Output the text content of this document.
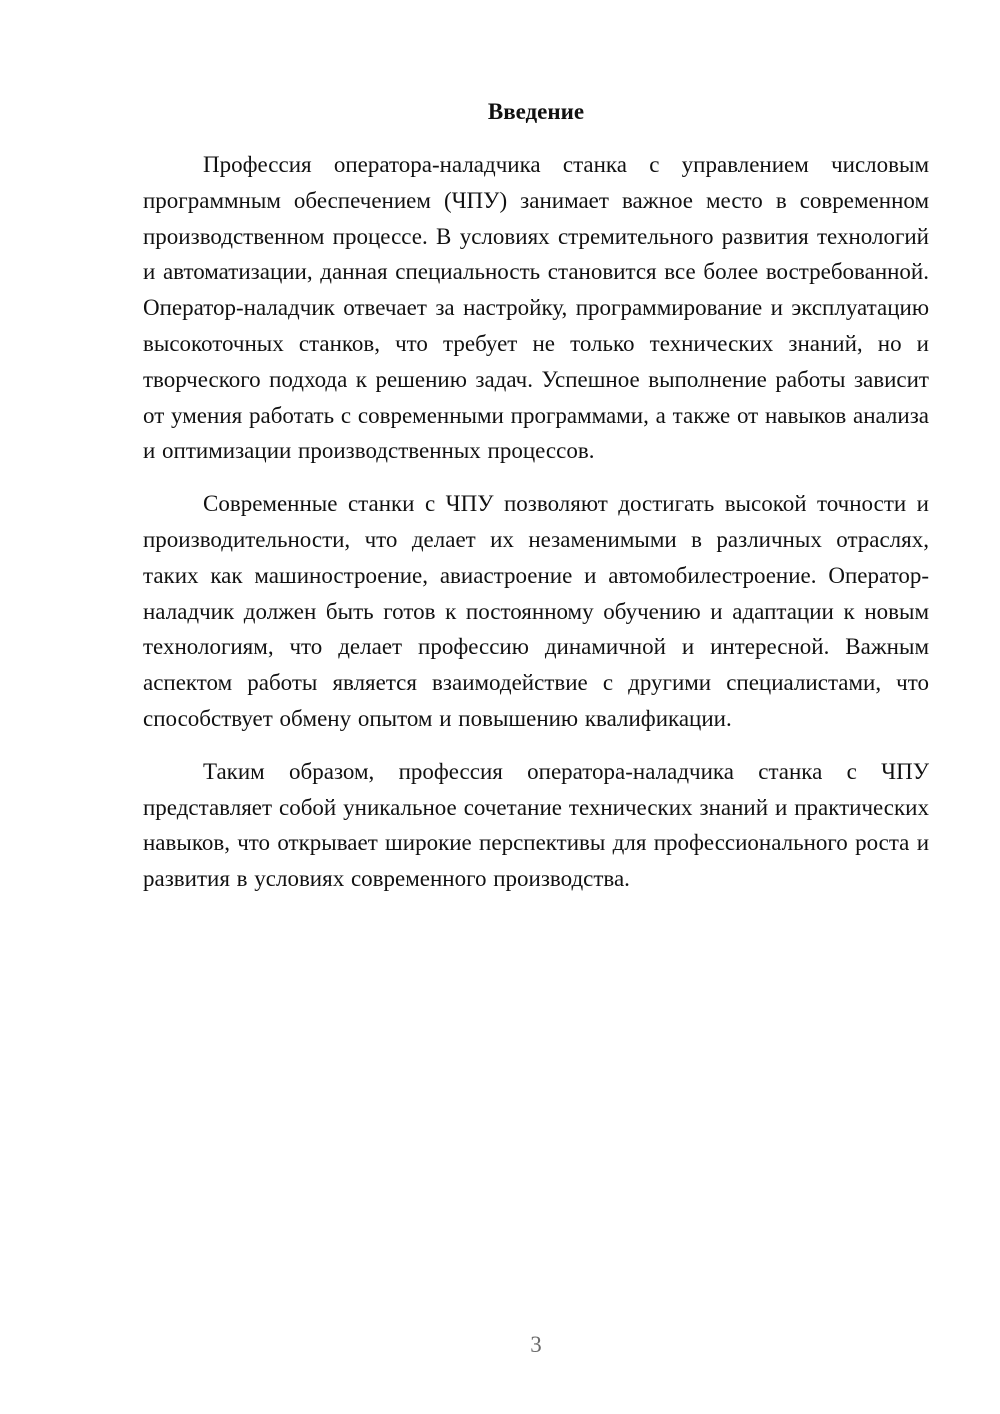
Введение

Профессия оператора-наладчика станка с управлением числовым программным обеспечением (ЧПУ) занимает важное место в современном производственном процессе. В условиях стремительного развития технологий и автоматизации, данная специальность становится все более востребованной. Оператор-наладчик отвечает за настройку, программирование и эксплуатацию высокоточных станков, что требует не только технических знаний, но и творческого подхода к решению задач. Успешное выполнение работы зависит от умения работать с современными программами, а также от навыков анализа и оптимизации производственных процессов.

Современные станки с ЧПУ позволяют достигать высокой точности и производительности, что делает их незаменимыми в различных отраслях, таких как машиностроение, авиастроение и автомобилестроение. Оператор-наладчик должен быть готов к постоянному обучению и адаптации к новым технологиям, что делает профессию динамичной и интересной. Важным аспектом работы является взаимодействие с другими специалистами, что способствует обмену опытом и повышению квалификации.

Таким образом, профессия оператора-наладчика станка с ЧПУ представляет собой уникальное сочетание технических знаний и практических навыков, что открывает широкие перспективы для профессионального роста и развития в условиях современного производства.

3
